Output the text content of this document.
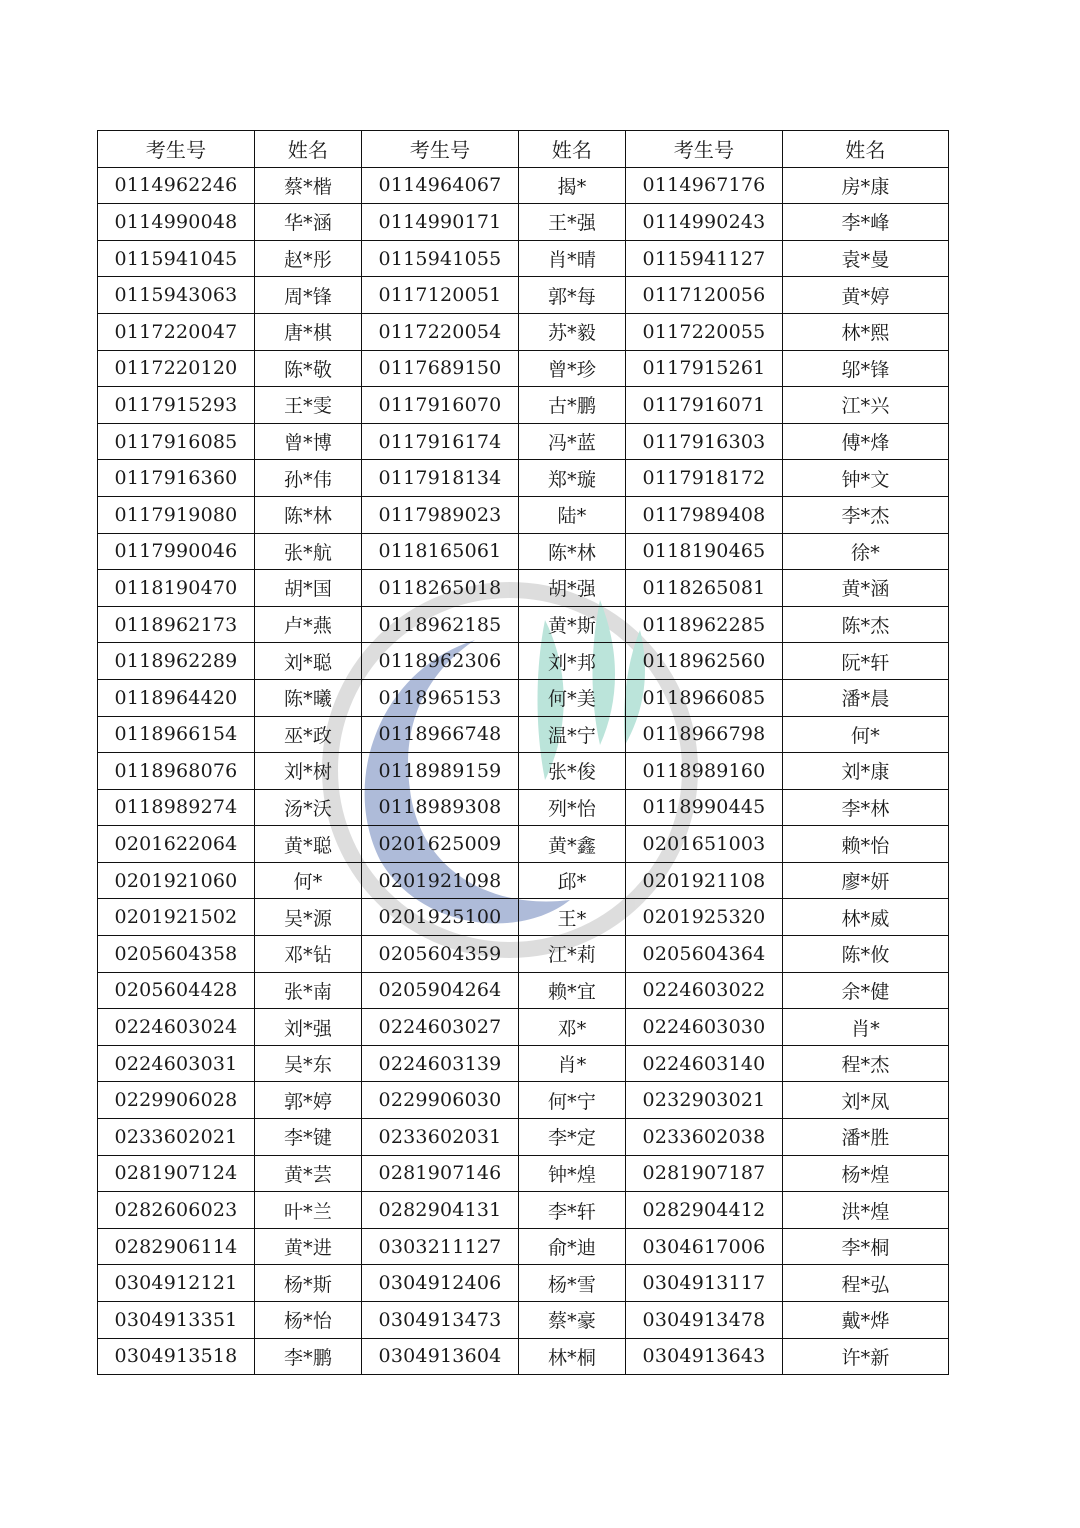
考生号	姓名	考生号	姓名	考生号	姓名
0114962246	蔡*楷	0114964067	揭*	0114967176	房*康
0114990048	华*涵	0114990171	王*强	0114990243	李*峰
0115941045	赵*彤	0115941055	肖*晴	0115941127	袁*曼
0115943063	周*锋	0117120051	郭*每	0117120056	黄*婷
0117220047	唐*棋	0117220054	苏*毅	0117220055	林*熙
0117220120	陈*敬	0117689150	曾*珍	0117915261	邬*锋
0117915293	王*雯	0117916070	古*鹏	0117916071	江*兴
0117916085	曾*博	0117916174	冯*蓝	0117916303	傅*烽
0117916360	孙*伟	0117918134	郑*璇	0117918172	钟*文
0117919080	陈*林	0117989023	陆*	0117989408	李*杰
0117990046	张*航	0118165061	陈*林	0118190465	徐*
0118190470	胡*国	0118265018	胡*强	0118265081	黄*涵
0118962173	卢*燕	0118962185	黄*斯	0118962285	陈*杰
0118962289	刘*聪	0118962306	刘*邦	0118962560	阮*轩
0118964420	陈*曦	0118965153	何*美	0118966085	潘*晨
0118966154	巫*政	0118966748	温*宁	0118966798	何*
0118968076	刘*树	0118989159	张*俊	0118989160	刘*康
0118989274	汤*沃	0118989308	列*怡	0118990445	李*林
0201622064	黄*聪	0201625009	黄*鑫	0201651003	赖*怡
0201921060	何*	0201921098	邱*	0201921108	廖*妍
0201921502	吴*源	0201925100	王*	0201925320	林*威
0205604358	邓*钻	0205604359	江*莉	0205604364	陈*攸
0205604428	张*南	0205904264	赖*宜	0224603022	余*健
0224603024	刘*强	0224603027	邓*	0224603030	肖*
0224603031	吴*东	0224603139	肖*	0224603140	程*杰
0229906028	郭*婷	0229906030	何*宁	0232903021	刘*凤
0233602021	李*键	0233602031	李*定	0233602038	潘*胜
0281907124	黄*芸	0281907146	钟*煌	0281907187	杨*煌
0282606023	叶*兰	0282904131	李*轩	0282904412	洪*煌
0282906114	黄*进	0303211127	俞*迪	0304617006	李*桐
0304912121	杨*斯	0304912406	杨*雪	0304913117	程*弘
0304913351	杨*怡	0304913473	蔡*豪	0304913478	戴*烨
0304913518	李*鹏	0304913604	林*桐	0304913643	许*新
